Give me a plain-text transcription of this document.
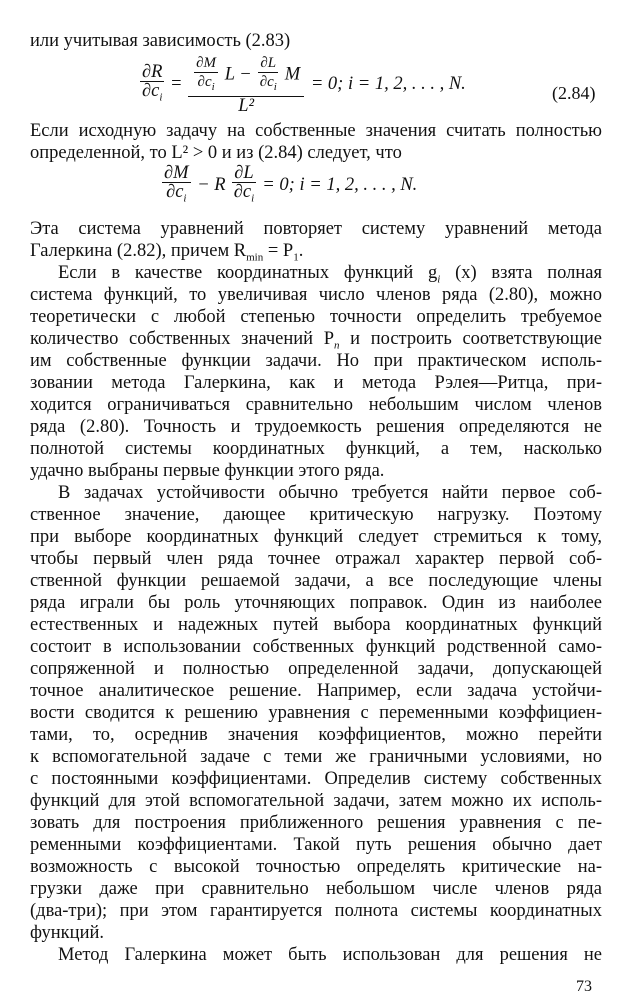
или учитывая зависимость (2.83)
$\frac{\partial R}{\partial c_i} = \frac{\partial M}{\partial c_i}$ $L - \frac{\partial L}{\partial c_i}$ M
L²
= 0; i = 1, 2, . . . , N.	(2.84)
Если исходную задачу на собственные значения считать полностью
определенной, то L² > 0 и из (2.84) следует, что
$\frac{\partial M}{\partial c_i} - R \frac{\partial L}{\partial c_i} = 0$; i = 1, 2, . . . , N.
Эта система уравнений повторяет систему уравнений метода
Галеркина (2.82), причем $R_{min} = P_1$.
Если в качестве координатных функций $g_i$ (x) взята полная
система функций, то увеличивая число членов ряда (2.80), можно
теоретически с любой степенью точности определить требуемое
количество собственных значений $P_n$ и построить соответствующие
им собственные функции задачи. Но при практическом исполь-
зовании метода Галеркина, как и метода Рэлея—Ритца, при-
ходится ограничиваться сравнительно небольшим числом членов
ряда (2.80). Точность и трудоемкость решения определяются не
полнотой системы координатных функций, а тем, насколько
удачно выбраны первые функции этого ряда.
В задачах устойчивости обычно требуется найти первое соб-
ственное значение, дающее критическую нагрузку. Поэтому
при выборе координатных функций следует стремиться к тому,
чтобы первый член ряда точнее отражал характер первой соб-
ственной функции решаемой задачи, а все последующие члены
ряда играли бы роль уточняющих поправок. Один из наиболее
естественных и надежных путей выбора координатных функций
состоит в использовании собственных функций родственной само-
сопряженной и полностью определенной задачи, допускающей
точное аналитическое решение. Например, если задача устойчи-
вости сводится к решению уравнения с переменными коэффициен-
тами, то, осреднив значения коэффициентов, можно перейти
к вспомогательной задаче с теми же граничными условиями, но
с постоянными коэффициентами. Определив систему собственных
функций для этой вспомогательной задачи, затем можно их исполь-
зовать для построения приближенного решения уравнения с пе-
ременными коэффициентами. Такой путь решения обычно дает
возможность с высокой точностью определять критические на-
грузки даже при сравнительно небольшом числе членов ряда
(два-три); при этом гарантируется полнота системы координатных
функций.
Метод Галеркина может быть использован для решения не
73
